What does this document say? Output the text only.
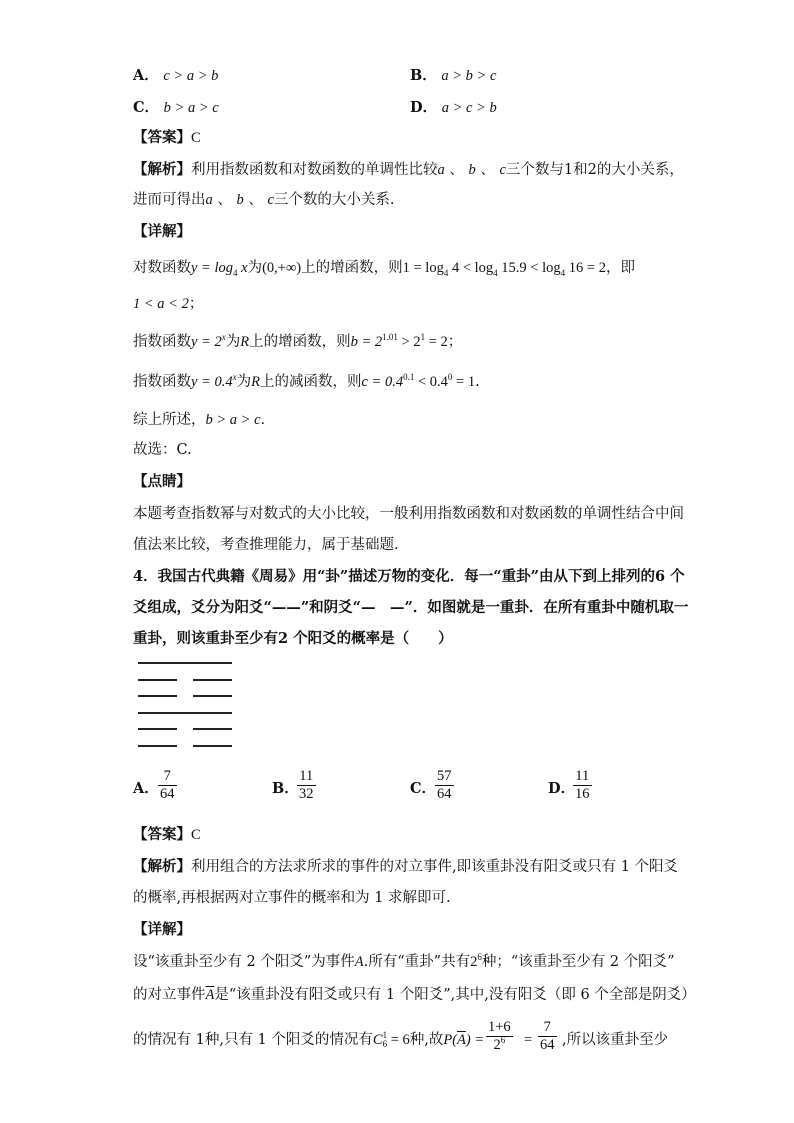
A． c > a > b	B． a > b > c
C． b > a > c	D． a > c > b
【答案】C
【解析】利用指数函数和对数函数的单调性比较a 、 b 、 c三个数与1和2的大小关系，
进而可得出a 、 b 、 c三个数的大小关系.
【详解】
对数函数$y = \log_4 x$为(0,+∞)上的增函数，则$1 = \log_4 4 < \log_4 15.9 < \log_4 16 = 2$，即
1 < a < 2；
指数函数$y = 2^x$为R上的增函数，则$b = 2^{1.01} > 2^1 = 2$；
指数函数$y = 0.4^x$为R上的减函数，则$c = 0.4^{0.1} < 0.4^0 = 1$.
综上所述，b > a > c.
故选：C.
【点睛】
本题考查指数幂与对数式的大小比较，一般利用指数函数和对数函数的单调性结合中间
值法来比较，考查推理能力，属于基础题.
4．我国古代典籍《周易》用“卦”描述万物的变化．每一“重卦”由从下到上排列的6 个
爻组成，爻分为阳爻“——”和阴爻“—　—”．如图就是一重卦．在所有重卦中随机取一
重卦，则该重卦至少有2 个阳爻的概率是（　　）
A． $\frac{7}{64}$	B．
$\frac{11}{32}$	C．
$\frac{57}{64}$	D．
$\frac{11}{16}$
【答案】C
【解析】利用组合的方法求所求的事件的对立事件,即该重卦没有阳爻或只有 1 个阳爻
的概率,再根据两对立事件的概率和为 1 求解即可.
【详解】
设“该重卦至少有 2 个阳爻”为事件A.所有“重卦”共有$2^6$种；“该重卦至少有 2 个阳爻”
的对立事件$\overline{A}$是“该重卦没有阳爻或只有 1 个阳爻”,其中,没有阳爻（即 6 个全部是阴爻）
的情况有 1种,只有 1 个阳爻的情况有C 1
6 = 6种,故$P(\overline{A}) = \frac{1+6}{2^6} = \frac{7}{64}$ ,所以该重卦至少
